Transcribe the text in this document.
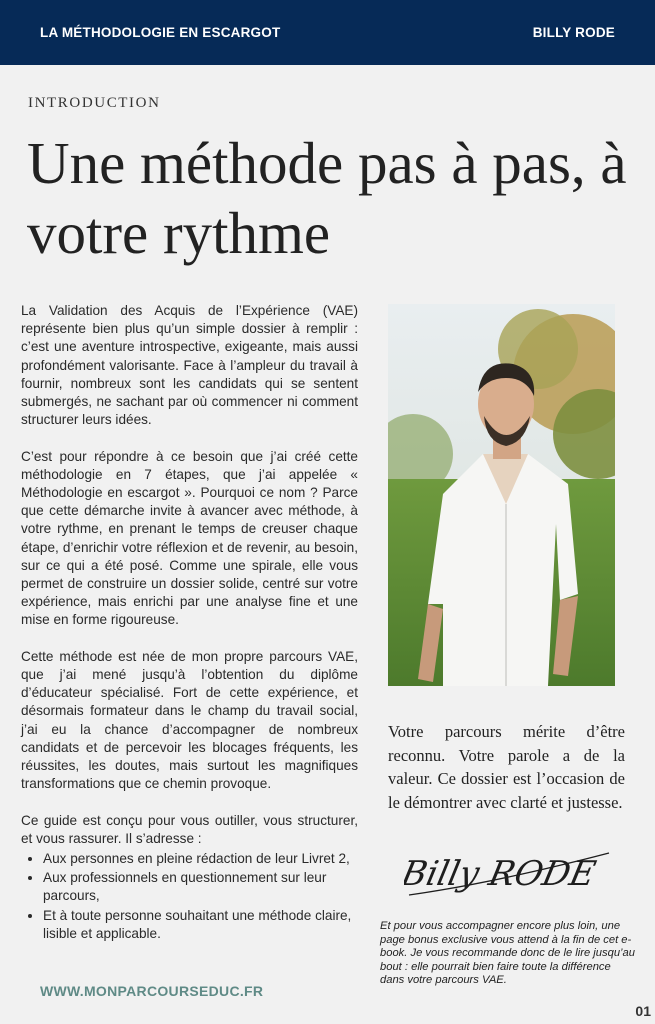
LA MÉTHODOLOGIE EN ESCARGOT	BILLY RODE
INTRODUCTION
Une méthode pas à pas, à votre rythme

La Validation des Acquis de l’Expérience (VAE) représente bien plus qu’un simple dossier à remplir : c’est une aventure introspective, exigeante, mais aussi profondément valorisante. Face à l’ampleur du travail à fournir, nombreux sont les candidats qui se sentent submergés, ne sachant par où commencer ni comment structurer leurs idées.

C’est pour répondre à ce besoin que j’ai créé cette méthodologie en 7 étapes, que j’ai appelée « Méthodologie en escargot ». Pourquoi ce nom ? Parce que cette démarche invite à avancer avec méthode, à votre rythme, en prenant le temps de creuser chaque étape, d’enrichir votre réflexion et de revenir, au besoin, sur ce qui a été posé. Comme une spirale, elle vous permet de construire un dossier solide, centré sur votre expérience, mais enrichi par une analyse fine et une mise en forme rigoureuse.

Cette méthode est née de mon propre parcours VAE, que j’ai mené jusqu’à l’obtention du diplôme d’éducateur spécialisé. Fort de cette expérience, et désormais formateur dans le champ du travail social, j’ai eu la chance d’accompagner de nombreux candidats et de percevoir les blocages fréquents, les réussites, les doutes, mais surtout les magnifiques transformations que ce chemin provoque.

Ce guide est conçu pour vous outiller, vous structurer, et vous rassurer. Il s’adresse :

• Aux personnes en pleine rédaction de leur Livret 2,
• Aux professionnels en questionnement sur leur parcours,
• Et à toute personne souhaitant une méthode claire, lisible et applicable.

Votre parcours mérite d’être reconnu. Votre parole a de la valeur. Ce dossier est l’occasion de le démontrer avec clarté et justesse.

Billy RODE

Et pour vous accompagner encore plus loin, une page bonus exclusive vous attend à la fin de cet e-book. Je vous recommande donc de le lire jusqu’au bout : elle pourrait bien faire toute la différence dans votre parcours VAE.

WWW.MONPARCOURSEDUC.FR
01
